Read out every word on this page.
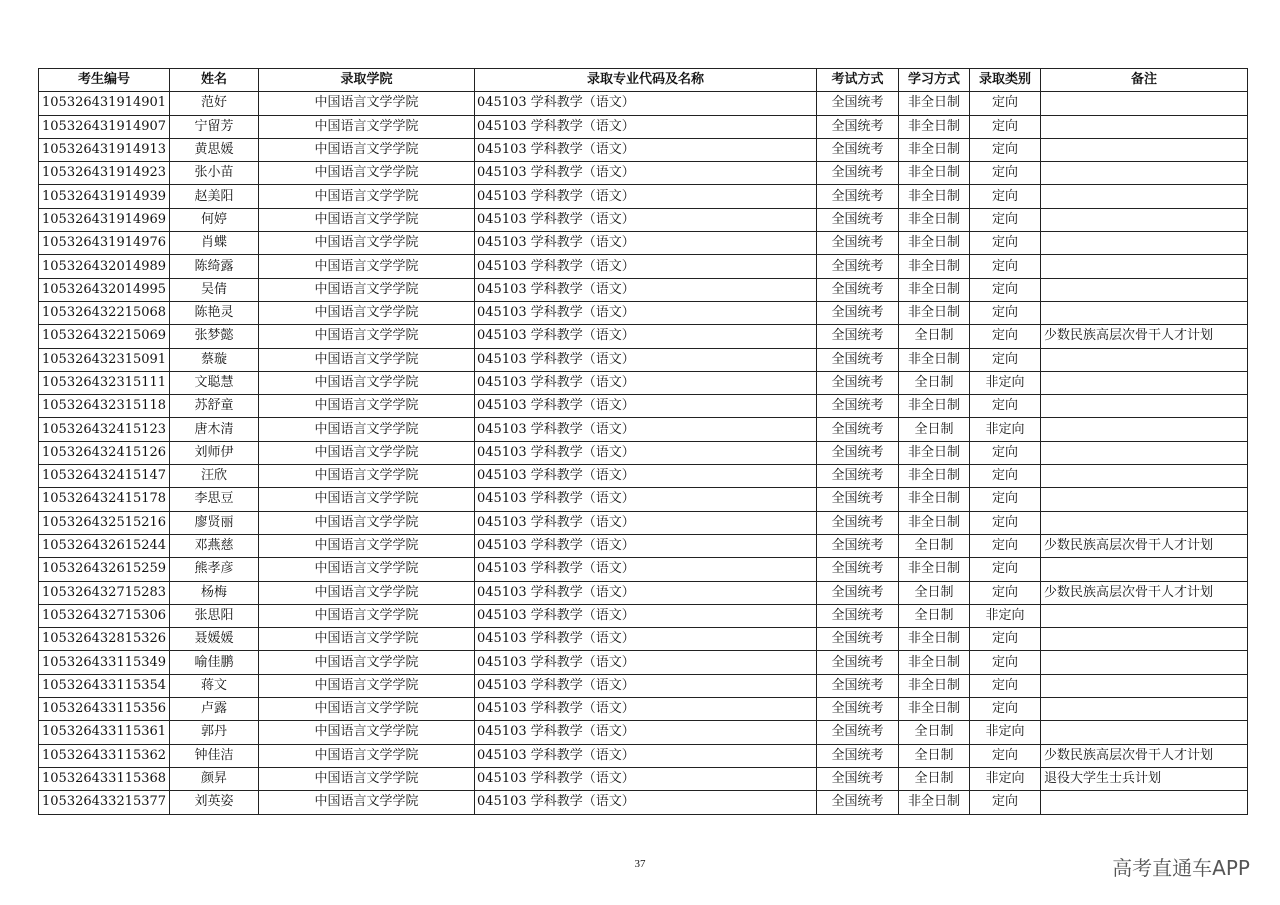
考生编号	姓名	录取学院	录取专业代码及名称	考试方式	学习方式	录取类别	备注
105326431914901	范好	中国语言文学学院	045103 学科教学（语文）	全国统考	非全日制	定向	
105326431914907	宁留芳	中国语言文学学院	045103 学科教学（语文）	全国统考	非全日制	定向	
105326431914913	黄思媛	中国语言文学学院	045103 学科教学（语文）	全国统考	非全日制	定向	
105326431914923	张小苗	中国语言文学学院	045103 学科教学（语文）	全国统考	非全日制	定向	
105326431914939	赵美阳	中国语言文学学院	045103 学科教学（语文）	全国统考	非全日制	定向	
105326431914969	何婷	中国语言文学学院	045103 学科教学（语文）	全国统考	非全日制	定向	
105326431914976	肖蝶	中国语言文学学院	045103 学科教学（语文）	全国统考	非全日制	定向	
105326432014989	陈绮露	中国语言文学学院	045103 学科教学（语文）	全国统考	非全日制	定向	
105326432014995	吴倩	中国语言文学学院	045103 学科教学（语文）	全国统考	非全日制	定向	
105326432215068	陈艳灵	中国语言文学学院	045103 学科教学（语文）	全国统考	非全日制	定向	
105326432215069	张梦懿	中国语言文学学院	045103 学科教学（语文）	全国统考	全日制	定向	少数民族高层次骨干人才计划
105326432315091	蔡璇	中国语言文学学院	045103 学科教学（语文）	全国统考	非全日制	定向	
105326432315111	文聪慧	中国语言文学学院	045103 学科教学（语文）	全国统考	全日制	非定向	
105326432315118	苏舒童	中国语言文学学院	045103 学科教学（语文）	全国统考	非全日制	定向	
105326432415123	唐木清	中国语言文学学院	045103 学科教学（语文）	全国统考	全日制	非定向	
105326432415126	刘师伊	中国语言文学学院	045103 学科教学（语文）	全国统考	非全日制	定向	
105326432415147	汪欣	中国语言文学学院	045103 学科教学（语文）	全国统考	非全日制	定向	
105326432415178	李思豆	中国语言文学学院	045103 学科教学（语文）	全国统考	非全日制	定向	
105326432515216	廖贤丽	中国语言文学学院	045103 学科教学（语文）	全国统考	非全日制	定向	
105326432615244	邓燕慈	中国语言文学学院	045103 学科教学（语文）	全国统考	全日制	定向	少数民族高层次骨干人才计划
105326432615259	熊孝彦	中国语言文学学院	045103 学科教学（语文）	全国统考	非全日制	定向	
105326432715283	杨梅	中国语言文学学院	045103 学科教学（语文）	全国统考	全日制	定向	少数民族高层次骨干人才计划
105326432715306	张思阳	中国语言文学学院	045103 学科教学（语文）	全国统考	全日制	非定向	
105326432815326	聂媛媛	中国语言文学学院	045103 学科教学（语文）	全国统考	非全日制	定向	
105326433115349	喻佳鹏	中国语言文学学院	045103 学科教学（语文）	全国统考	非全日制	定向	
105326433115354	蒋文	中国语言文学学院	045103 学科教学（语文）	全国统考	非全日制	定向	
105326433115356	卢露	中国语言文学学院	045103 学科教学（语文）	全国统考	非全日制	定向	
105326433115361	郭丹	中国语言文学学院	045103 学科教学（语文）	全国统考	全日制	非定向	
105326433115362	钟佳洁	中国语言文学学院	045103 学科教学（语文）	全国统考	全日制	定向	少数民族高层次骨干人才计划
105326433115368	颜昇	中国语言文学学院	045103 学科教学（语文）	全国统考	全日制	非定向	退役大学生士兵计划
105326433215377	刘英姿	中国语言文学学院	045103 学科教学（语文）	全国统考	非全日制	定向	
37	高考直通车APP
